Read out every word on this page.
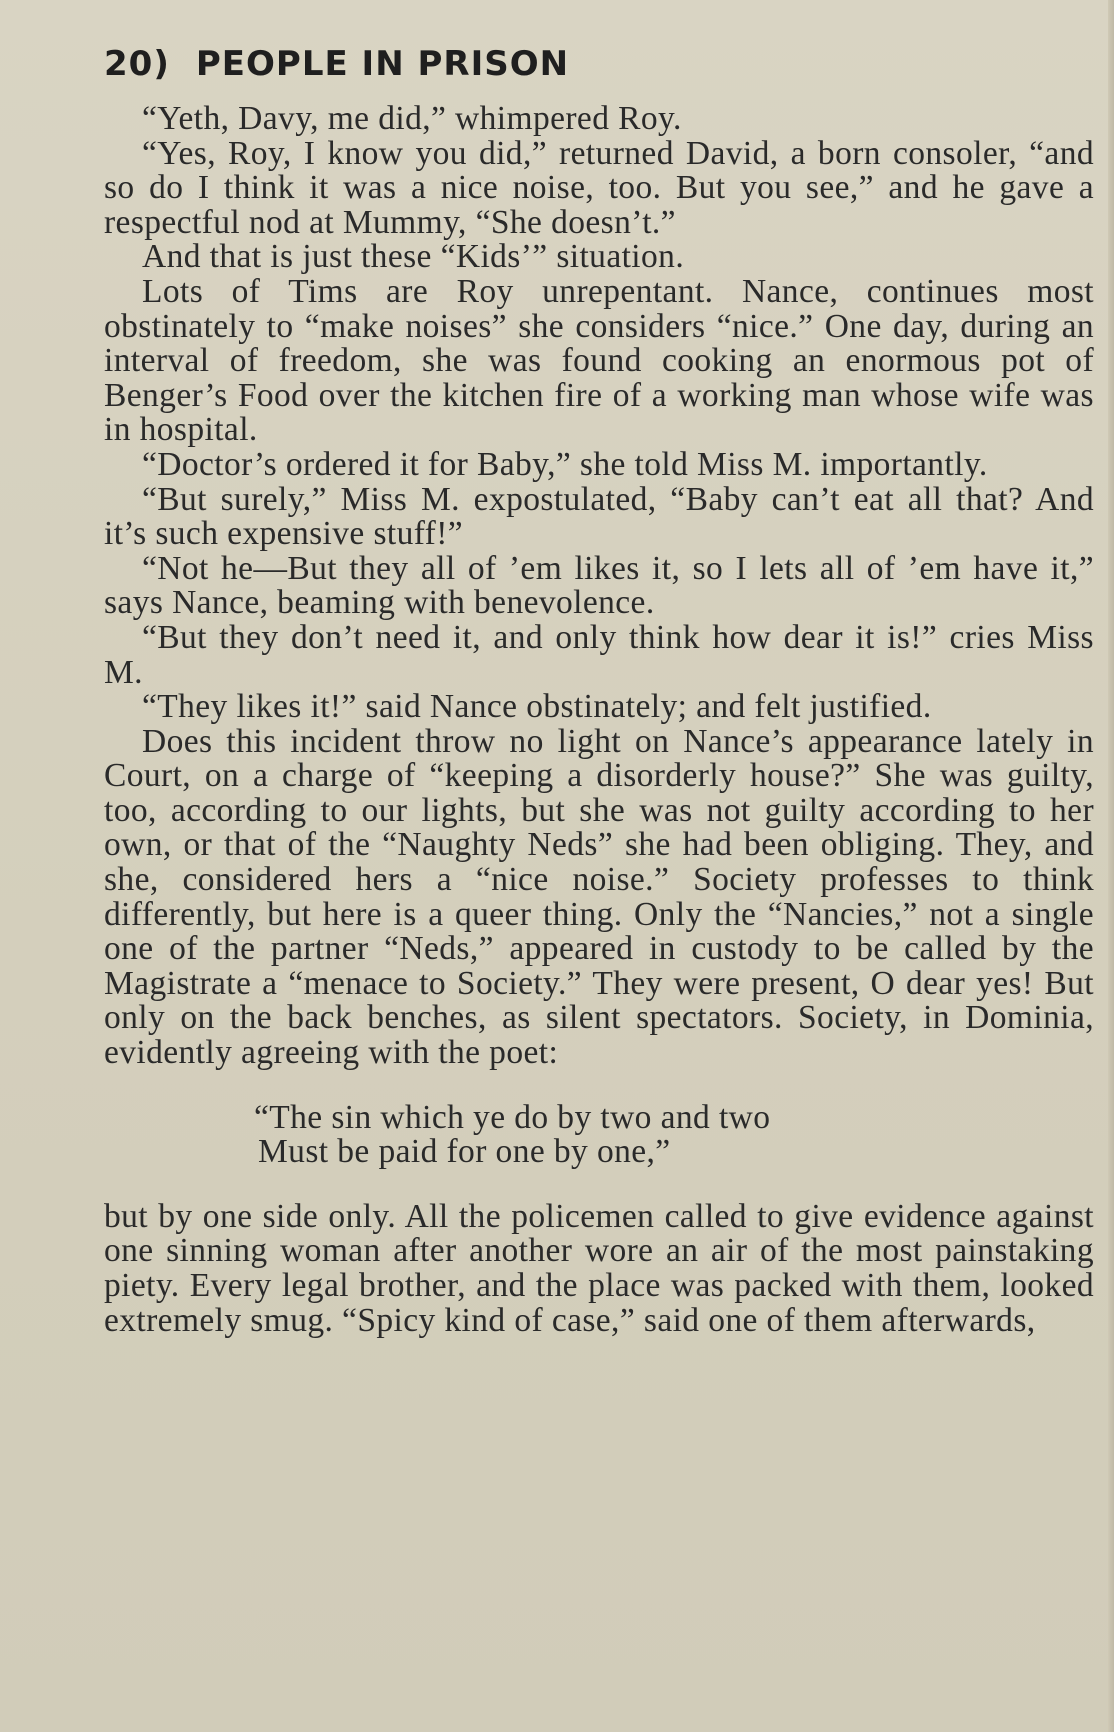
20) PEOPLE IN PRISON

“Yeth, Davy, me did,” whimpered Roy.

“Yes, Roy, I know you did,” returned David, a born consoler, “and so do I think it was a nice noise, too. But you see,” and he gave a respectful nod at Mummy, “She doesn’t.”

And that is just these “Kids’” situation.

Lots of Tims are Roy unrepentant. Nance, continues most obstinately to “make noises” she considers “nice.” One day, during an interval of freedom, she was found cooking an enormous pot of Benger’s Food over the kitchen fire of a working man whose wife was in hospital.

“Doctor’s ordered it for Baby,” she told Miss M. importantly.

“But surely,” Miss M. expostulated, “Baby can’t eat all that? And it’s such expensive stuff!”

“Not he—But they all of ’em likes it, so I lets all of ’em have it,” says Nance, beaming with benevolence.

“But they don’t need it, and only think how dear it is!” cries Miss M.

“They likes it!” said Nance obstinately; and felt justified.

Does this incident throw no light on Nance’s appearance lately in Court, on a charge of “keeping a disorderly house?” She was guilty, too, according to our lights, but she was not guilty according to her own, or that of the “Naughty Neds” she had been obliging. They, and she, considered hers a “nice noise.” Society professes to think differently, but here is a queer thing. Only the “Nancies,” not a single one of the partner “Neds,” appeared in custody to be called by the Magistrate a “menace to Society.” They were present, O dear yes! But only on the back benches, as silent spectators. Society, in Dominia, evidently agreeing with the poet:

“The sin which ye do by two and two
Must be paid for one by one,”

but by one side only. All the policemen called to give evidence against one sinning woman after another wore an air of the most painstaking piety. Every legal brother, and the place was packed with them, looked extremely smug. “Spicy kind of case,” said one of them afterwards,
